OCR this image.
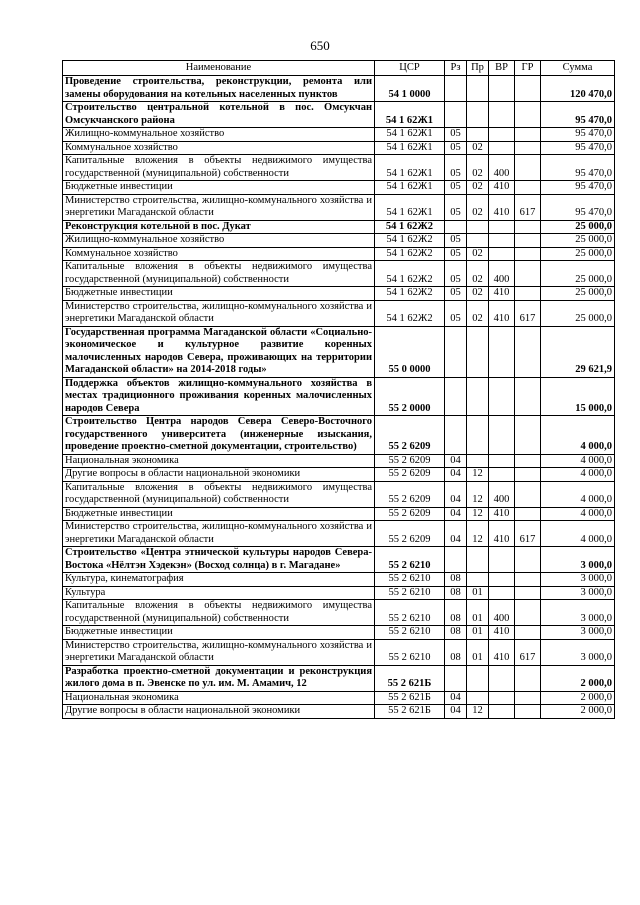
650
Наименование	ЦСР	Рз	Пр	ВР	ГР	Сумма
Проведение строительства, реконструкции, ремонта или замены оборудования на котельных населенных пунктов	54 1 0000					120 470,0
Строительство центральной котельной в пос. Омсукчан Омсукчанского района	54 1 62Ж1					95 470,0
Жилищно-коммунальное хозяйство	54 1 62Ж1	05				95 470,0
Коммунальное хозяйство	54 1 62Ж1	05	02			95 470,0
Капитальные вложения в объекты недвижимого имущества государственной (муниципальной) собственности	54 1 62Ж1	05	02	400		95 470,0
Бюджетные инвестиции	54 1 62Ж1	05	02	410		95 470,0
Министерство строительства, жилищно-коммунального хозяйства и энергетики Магаданской области	54 1 62Ж1	05	02	410	617	95 470,0
Реконструкция котельной в пос. Дукат	54 1 62Ж2					25 000,0
Жилищно-коммунальное хозяйство	54 1 62Ж2	05				25 000,0
Коммунальное хозяйство	54 1 62Ж2	05	02			25 000,0
Капитальные вложения в объекты недвижимого имущества государственной (муниципальной) собственности	54 1 62Ж2	05	02	400		25 000,0
Бюджетные инвестиции	54 1 62Ж2	05	02	410		25 000,0
Министерство строительства, жилищно-коммунального хозяйства и энергетики Магаданской области	54 1 62Ж2	05	02	410	617	25 000,0
Государственная программа Магаданской области «Социально-экономическое и культурное развитие коренных малочисленных народов Севера, проживающих на территории Магаданской области» на 2014-2018 годы»	55 0 0000					29 621,9
Поддержка объектов жилищно-коммунального хозяйства в местах традиционного проживания коренных малочисленных народов Севера	55 2 0000					15 000,0
Строительство Центра народов Севера Северо-Восточного государственного университета (инженерные изыскания, проведение проектно-сметной документации, строительство)	55 2 6209					4 000,0
Национальная экономика	55 2 6209	04				4 000,0
Другие вопросы в области национальной экономики	55 2 6209	04	12			4 000,0
Капитальные вложения в объекты недвижимого имущества государственной (муниципальной) собственности	55 2 6209	04	12	400		4 000,0
Бюджетные инвестиции	55 2 6209	04	12	410		4 000,0
Министерство строительства, жилищно-коммунального хозяйства и энергетики Магаданской области	55 2 6209	04	12	410	617	4 000,0
Строительство «Центра этнической культуры народов Севера-Востока «Нёлтэн Хэдекэн» (Восход солнца) в г. Магадане»	55 2 6210					3 000,0
Культура, кинематография	55 2 6210	08				3 000,0
Культура	55 2 6210	08	01			3 000,0
Капитальные вложения в объекты недвижимого имущества государственной (муниципальной) собственности	55 2 6210	08	01	400		3 000,0
Бюджетные инвестиции	55 2 6210	08	01	410		3 000,0
Министерство строительства, жилищно-коммунального хозяйства и энергетики Магаданской области	55 2 6210	08	01	410	617	3 000,0
Разработка проектно-сметной документации и реконструкция жилого дома в п. Эвенске по ул. им. М. Амамич, 12	55 2 621Б					2 000,0
Национальная экономика	55 2 621Б	04				2 000,0
Другие вопросы в области национальной экономики	55 2 621Б	04	12			2 000,0
